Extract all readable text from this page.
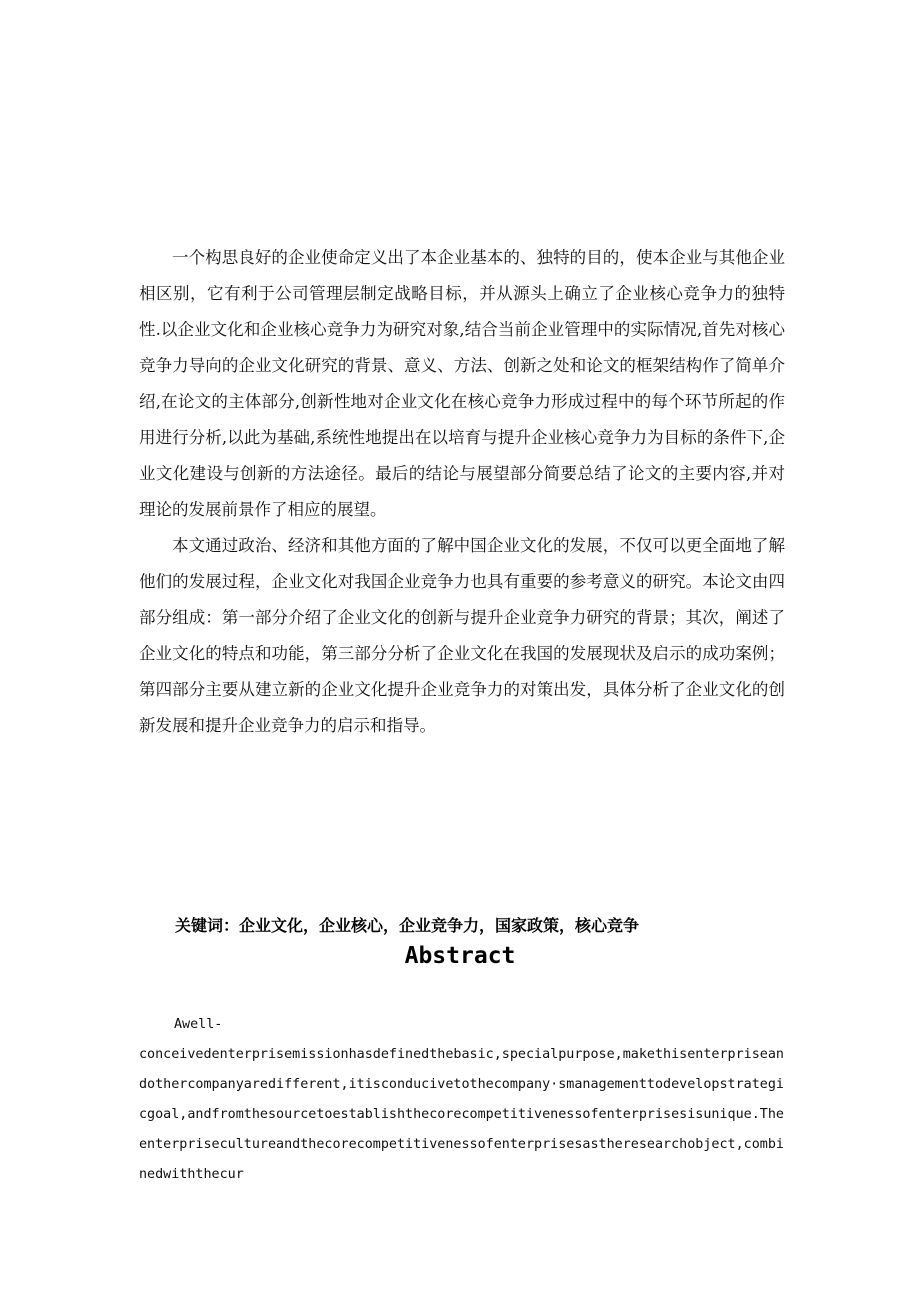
一个构思良好的企业使命定义出了本企业基本的、独特的目的，使本企业与其他企业相区别，它有利于公司管理层制定战略目标，并从源头上确立了企业核心竞争力的独特性.以企业文化和企业核心竞争力为研究对象,结合当前企业管理中的实际情况,首先对核心竞争力导向的企业文化研究的背景、意义、方法、创新之处和论文的框架结构作了简单介绍,在论文的主体部分,创新性地对企业文化在核心竞争力形成过程中的每个环节所起的作用进行分析,以此为基础,系统性地提出在以培育与提升企业核心竞争力为目标的条件下,企业文化建设与创新的方法途径。最后的结论与展望部分简要总结了论文的主要内容,并对理论的发展前景作了相应的展望。

本文通过政治、经济和其他方面的了解中国企业文化的发展，不仅可以更全面地了解他们的发展过程，企业文化对我国企业竞争力也具有重要的参考意义的研究。本论文由四部分组成：第一部分介绍了企业文化的创新与提升企业竞争力研究的背景；其次，阐述了企业文化的特点和功能，第三部分分析了企业文化在我国的发展现状及启示的成功案例；第四部分主要从建立新的企业文化提升企业竞争力的对策出发，具体分析了企业文化的创新发展和提升企业竞争力的启示和指导。

关键词：企业文化，企业核心，企业竞争力，国家政策，核心竞争
Abstract
Awell-
conceivedenterprisemissionhasdefinedthebasic,specialpurpose,makethisenterpriseandothercompanyaredifferent,itisconducivetothecompany·smanagementtodevelopstrategicgoal,andfromthesourcetoestablishthecorecompetitivenessofenterprisesisunique.Theenterprisecultureandthecorecompetitivenessofenterprisesastheresearchobject,combinedwiththecur
